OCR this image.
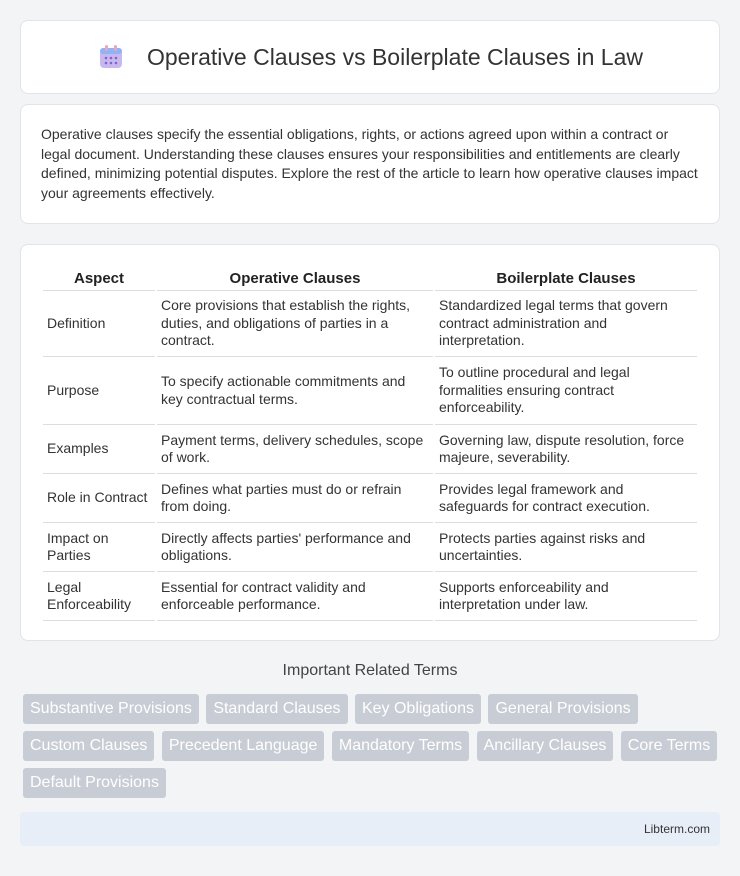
Operative Clauses vs Boilerplate Clauses in Law

Operative clauses specify the essential obligations, rights, or actions agreed upon within a contract or legal document. Understanding these clauses ensures your responsibilities and entitlements are clearly defined, minimizing potential disputes. Explore the rest of the article to learn how operative clauses impact your agreements effectively.

Aspect	Operative Clauses	Boilerplate Clauses
Definition	Core provisions that establish the rights, duties, and obligations of parties in a contract.	Standardized legal terms that govern contract administration and interpretation.
Purpose	To specify actionable commitments and key contractual terms.	To outline procedural and legal formalities ensuring contract enforceability.
Examples	Payment terms, delivery schedules, scope of work.	Governing law, dispute resolution, force majeure, severability.
Role in Contract	Defines what parties must do or refrain from doing.	Provides legal framework and safeguards for contract execution.
Impact on Parties	Directly affects parties' performance and obligations.	Protects parties against risks and uncertainties.
Legal Enforceability	Essential for contract validity and enforceable performance.	Supports enforceability and interpretation under law.
Important Related Terms
Substantive Provisions Standard Clauses Key Obligations General Provisions Custom Clauses Precedent Language Mandatory Terms Ancillary Clauses Core Terms Default Provisions
Libterm.com
